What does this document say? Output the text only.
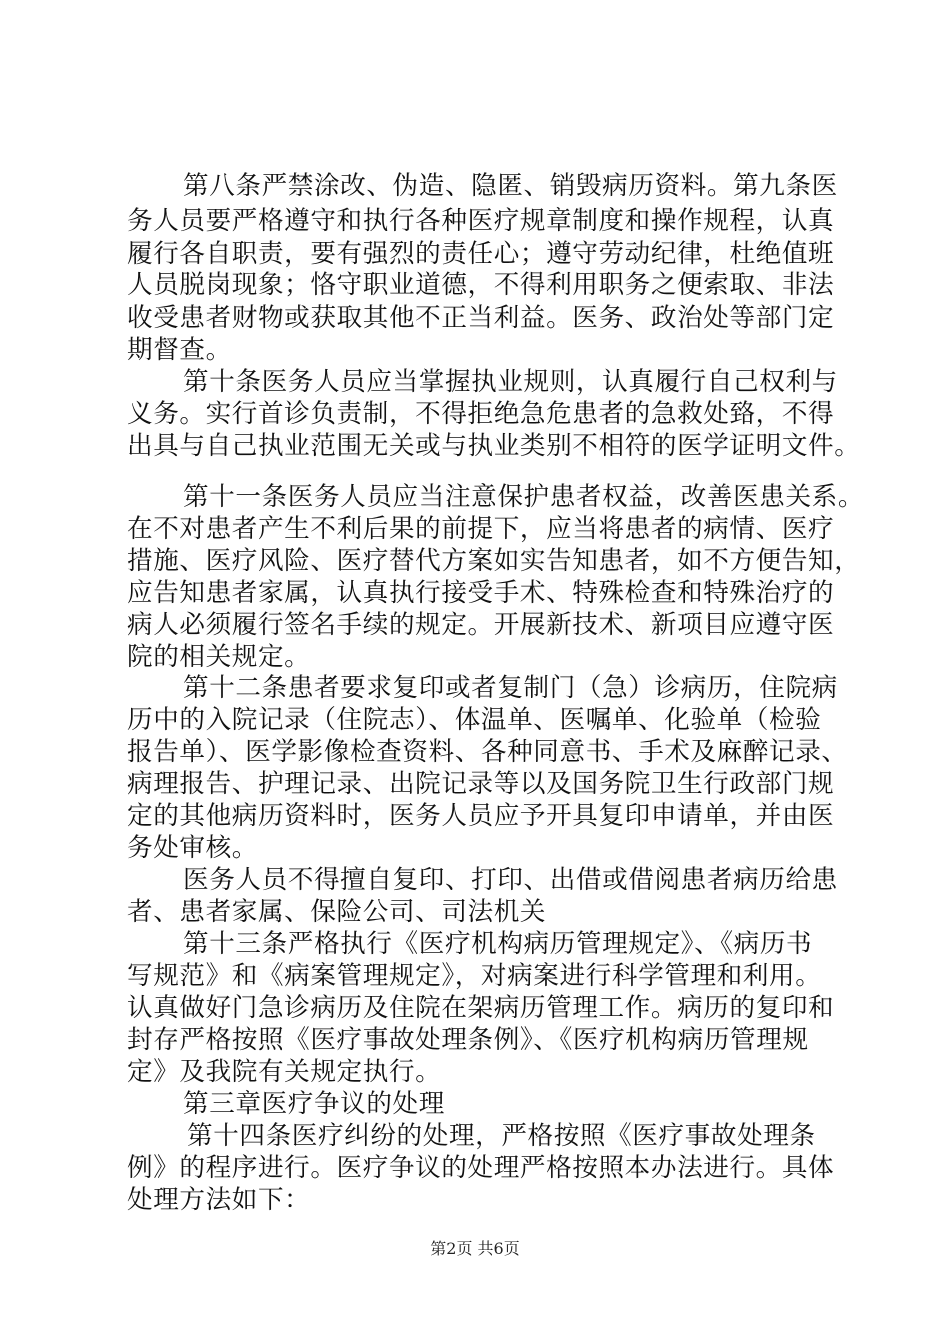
第八条严禁涂改、伪造、隐匿、销毁病历资料。第九条医
务人员要严格遵守和执行各种医疗规章制度和操作规程，认真
履行各自职责，要有强烈的责任心；遵守劳动纪律，杜绝值班
人员脱岗现象；恪守职业道德，不得利用职务之便索取、非法
收受患者财物或获取其他不正当利益。医务、政治处等部门定
期督查。
第十条医务人员应当掌握执业规则，认真履行自己权利与
义务。实行首诊负责制，不得拒绝急危患者的急救处臵，不得
出具与自己执业范围无关或与执业类别不相符的医学证明文件。
第十一条医务人员应当注意保护患者权益，改善医患关系。
在不对患者产生不利后果的前提下，应当将患者的病情、医疗
措施、医疗风险、医疗替代方案如实告知患者，如不方便告知，
应告知患者家属，认真执行接受手术、特殊检查和特殊治疗的
病人必须履行签名手续的规定。开展新技术、新项目应遵守医
院的相关规定。
第十二条患者要求复印或者复制门（急）诊病历，住院病
历中的入院记录（住院志）、体温单、医嘱单、化验单（检验
报告单）、医学影像检查资料、各种同意书、手术及麻醉记录、
病理报告、护理记录、出院记录等以及国务院卫生行政部门规
定的其他病历资料时，医务人员应予开具复印申请单，并由医
务处审核。
医务人员不得擅自复印、打印、出借或借阅患者病历给患
者、患者家属、保险公司、司法机关
第十三条严格执行《医疗机构病历管理规定》、《病历书
写规范》和《病案管理规定》，对病案进行科学管理和利用。
认真做好门急诊病历及住院在架病历管理工作。病历的复印和
封存严格按照《医疗事故处理条例》、《医疗机构病历管理规
定》及我院有关规定执行。
第三章医疗争议的处理
第十四条医疗纠纷的处理，严格按照《医疗事故处理条
例》的程序进行。医疗争议的处理严格按照本办法进行。具体
处理方法如下：
第2页 共6页
